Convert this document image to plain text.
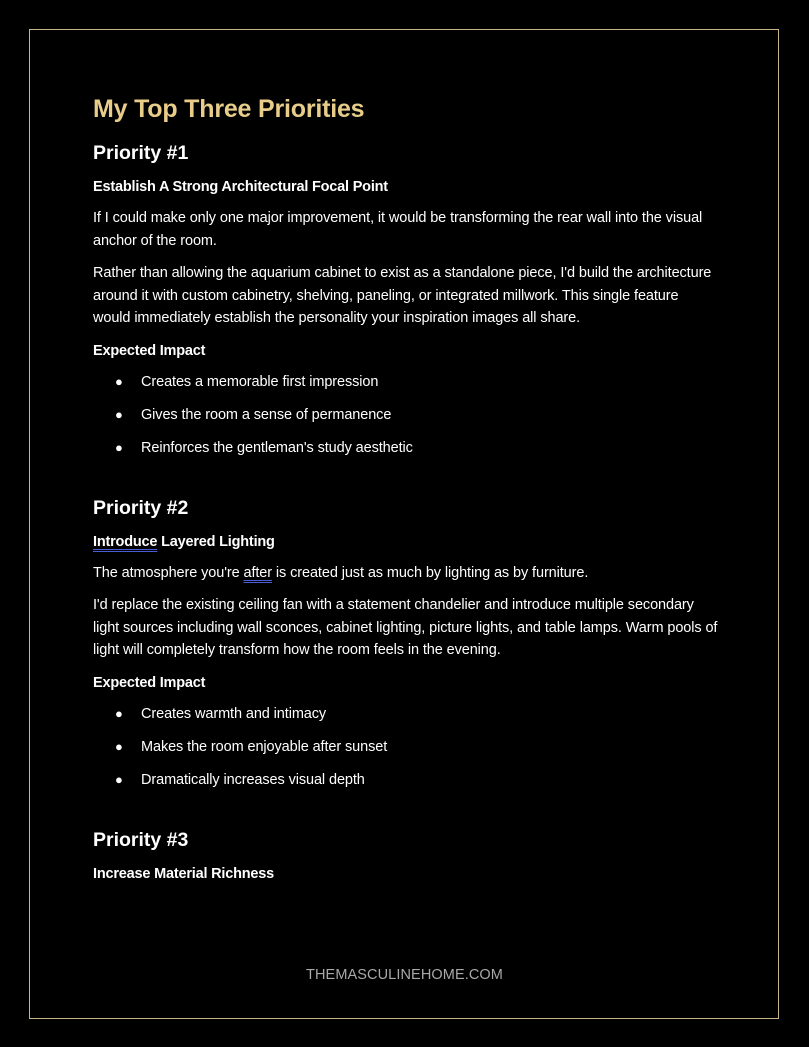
My Top Three Priorities
Priority #1
Establish A Strong Architectural Focal Point

If I could make only one major improvement, it would be transforming the rear wall into the visual anchor of the room.

Rather than allowing the aquarium cabinet to exist as a standalone piece, I'd build the architecture around it with custom cabinetry, shelving, paneling, or integrated millwork. This single feature would immediately establish the personality your inspiration images all share.

Expected Impact
● Creates a memorable first impression
● Gives the room a sense of permanence
● Reinforces the gentleman's study aesthetic
Priority #2
Introduce Layered Lighting

The atmosphere you're after is created just as much by lighting as by furniture.

I'd replace the existing ceiling fan with a statement chandelier and introduce multiple secondary light sources including wall sconces, cabinet lighting, picture lights, and table lamps. Warm pools of light will completely transform how the room feels in the evening.

Expected Impact
● Creates warmth and intimacy
● Makes the room enjoyable after sunset
● Dramatically increases visual depth
Priority #3
Increase Material Richness
THEMASCULINEHOME.COM
